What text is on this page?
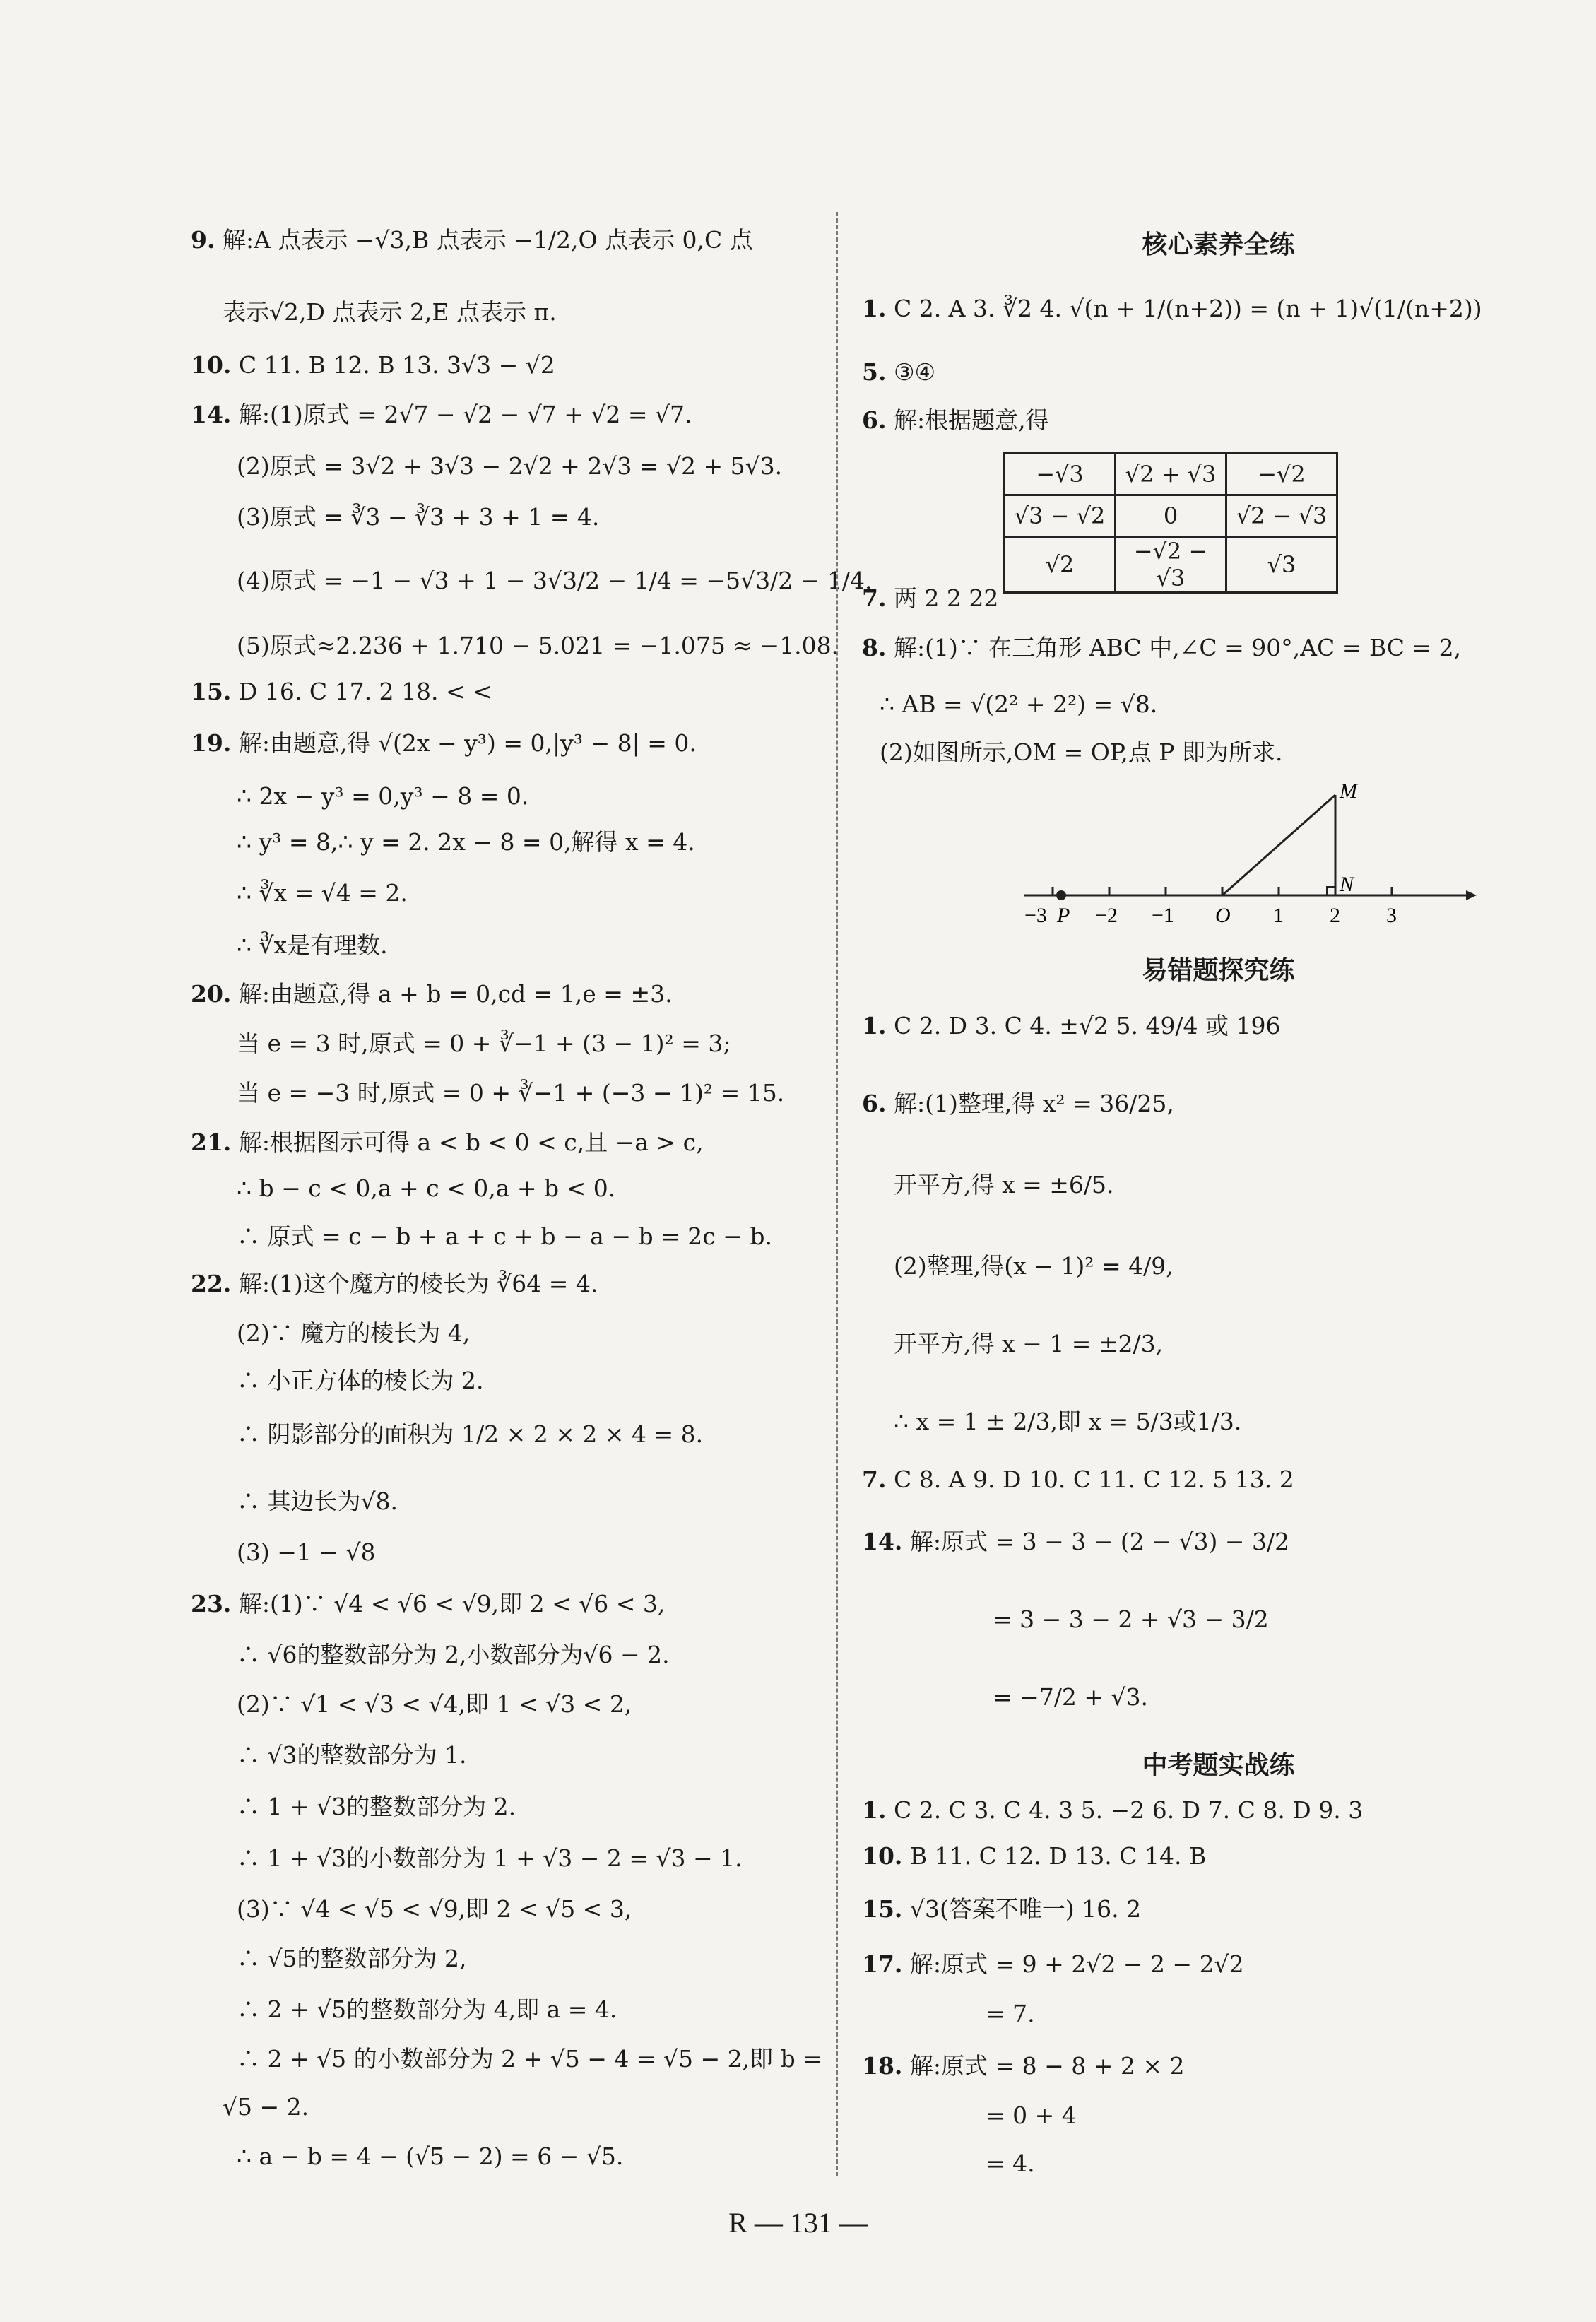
9. 解:A 点表示 −√3,B 点表示 −1/2,O 点表示 0,C 点
表示√2,D 点表示 2,E 点表示 π.
10. C 11. B 12. B 13. 3√3 − √2
14. 解:(1)原式 = 2√7 − √2 − √7 + √2 = √7.
(2)原式 = 3√2 + 3√3 − 2√2 + 2√3 = √2 + 5√3.
(3)原式 = ∛3 − ∛3 + 3 + 1 = 4.
(4)原式 = −1 − √3 + 1 − 3√3/2 − 1/4 = −5√3/2 − 1/4.
(5)原式≈2.236 + 1.710 − 5.021 = −1.075 ≈ −1.08.
15. D 16. C 17. 2 18. < <
19. 解:由题意,得 √(2x − y³) = 0,|y³ − 8| = 0.
∴ 2x − y³ = 0,y³ − 8 = 0.
∴ y³ = 8,∴ y = 2. 2x − 8 = 0,解得 x = 4.
∴ ∛x = √4 = 2.
∴ ∛x是有理数.
20. 解:由题意,得 a + b = 0,cd = 1,e = ±3.
当 e = 3 时,原式 = 0 + ∛−1 + (3 − 1)² = 3;
当 e = −3 时,原式 = 0 + ∛−1 + (−3 − 1)² = 15.
21. 解:根据图示可得 a < b < 0 < c,且 −a > c,
∴ b − c < 0,a + c < 0,a + b < 0.
∴ 原式 = c − b + a + c + b − a − b = 2c − b.
22. 解:(1)这个魔方的棱长为 ∛64 = 4.
(2)∵ 魔方的棱长为 4,
∴ 小正方体的棱长为 2.
∴ 阴影部分的面积为 1/2 × 2 × 2 × 4 = 8.
∴ 其边长为√8.
(3) −1 − √8
23. 解:(1)∵ √4 < √6 < √9,即 2 < √6 < 3,
∴ √6的整数部分为 2,小数部分为√6 − 2.
(2)∵ √1 < √3 < √4,即 1 < √3 < 2,
∴ √3的整数部分为 1.
∴ 1 + √3的整数部分为 2.
∴ 1 + √3的小数部分为 1 + √3 − 2 = √3 − 1.
(3)∵ √4 < √5 < √9,即 2 < √5 < 3,
∴ √5的整数部分为 2,
∴ 2 + √5的整数部分为 4,即 a = 4.
∴ 2 + √5 的小数部分为 2 + √5 − 4 = √5 − 2,即 b =
√5 − 2.
∴ a − b = 4 − (√5 − 2) = 6 − √5.
核心素养全练
−√3	√2 + √3	−√2
√3 − √2	0	√2 − √3
√2	−√2 − √3	√3
−3 P −2 −1 O 1 2 3
M
N
易错题探究练
中考题实战练
1. C 2. A 3. ∛2 4. √(n + 1/(n+2)) = (n + 1)√(1/(n+2))
5. ③④
6. 解:根据题意,得
7. 两 2 2 22
8. 解:(1)∵ 在三角形 ABC 中,∠C = 90°,AC = BC = 2,
∴ AB = √(2² + 2²) = √8.
(2)如图所示,OM = OP,点 P 即为所求.
1. C 2. D 3. C 4. ±√2 5. 49/4 或 196
6. 解:(1)整理,得 x² = 36/25,
开平方,得 x = ±6/5.
(2)整理,得(x − 1)² = 4/9,
开平方,得 x − 1 = ±2/3,
∴ x = 1 ± 2/3,即 x = 5/3或1/3.
7. C 8. A 9. D 10. C 11. C 12. 5 13. 2
14. 解:原式 = 3 − 3 − (2 − √3) − 3/2
= 3 − 3 − 2 + √3 − 3/2
= −7/2 + √3.
1. C 2. C 3. C 4. 3 5. −2 6. D 7. C 8. D 9. 3
10. B 11. C 12. D 13. C 14. B
15. √3(答案不唯一) 16. 2
17. 解:原式 = 9 + 2√2 − 2 − 2√2
= 7.
18. 解:原式 = 8 − 8 + 2 × 2
= 0 + 4
= 4.
R — 131 —
